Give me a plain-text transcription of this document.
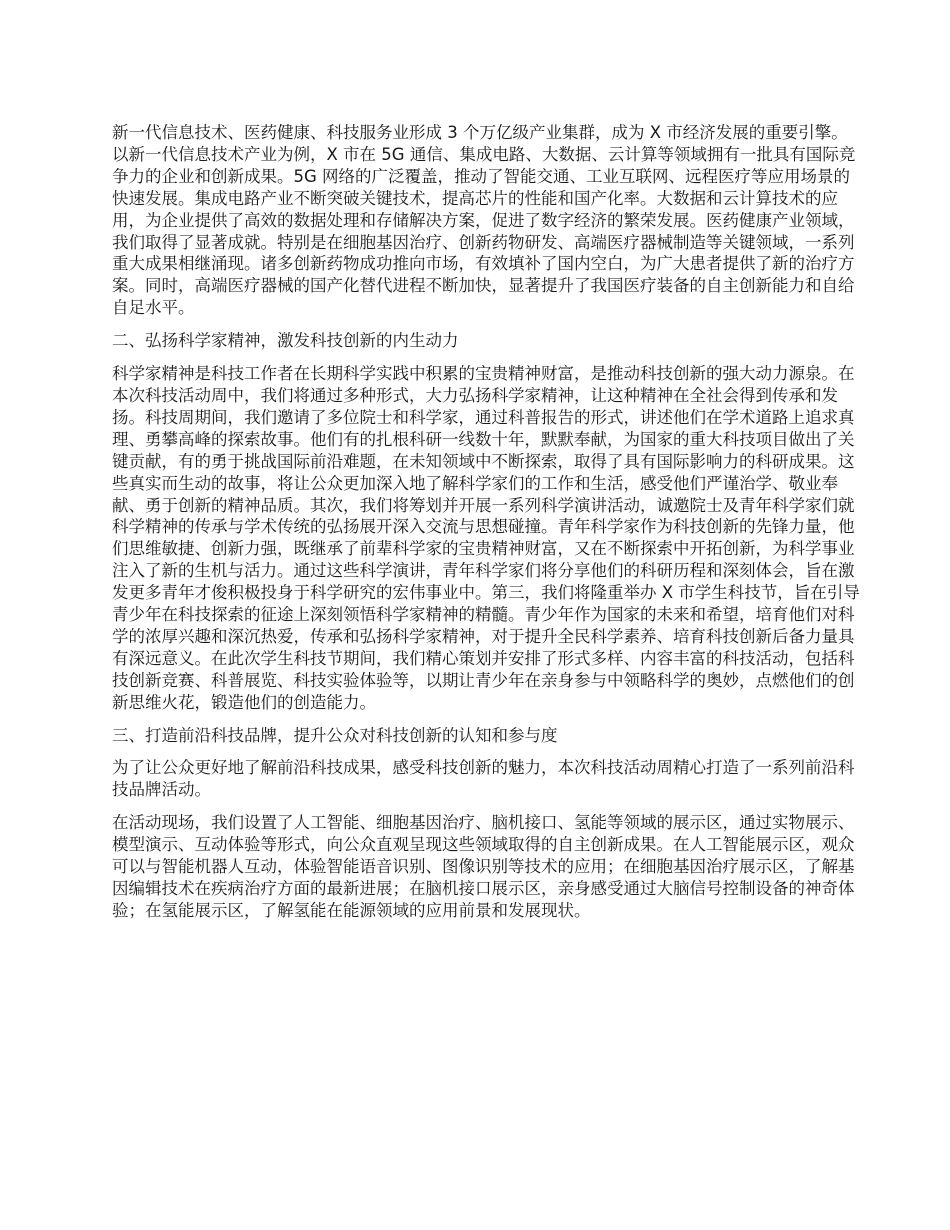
新一代信息技术、医药健康、科技服务业形成 3 个万亿级产业集群，成为 X 市经济发展的重要引擎。以新一代信息技术产业为例，X 市在 5G 通信、集成电路、大数据、云计算等领域拥有一批具有国际竞争力的企业和创新成果。5G 网络的广泛覆盖，推动了智能交通、工业互联网、远程医疗等应用场景的快速发展。集成电路产业不断突破关键技术，提高芯片的性能和国产化率。大数据和云计算技术的应用，为企业提供了高效的数据处理和存储解决方案，促进了数字经济的繁荣发展。医药健康产业领域，我们取得了显著成就。特别是在细胞基因治疗、创新药物研发、高端医疗器械制造等关键领域，一系列重大成果相继涌现。诸多创新药物成功推向市场，有效填补了国内空白，为广大患者提供了新的治疗方案。同时，高端医疗器械的国产化替代进程不断加快，显著提升了我国医疗装备的自主创新能力和自给自足水平。

二、弘扬科学家精神，激发科技创新的内生动力

科学家精神是科技工作者在长期科学实践中积累的宝贵精神财富，是推动科技创新的强大动力源泉。在本次科技活动周中，我们将通过多种形式，大力弘扬科学家精神，让这种精神在全社会得到传承和发扬。科技周期间，我们邀请了多位院士和科学家，通过科普报告的形式，讲述他们在学术道路上追求真理、勇攀高峰的探索故事。他们有的扎根科研一线数十年，默默奉献，为国家的重大科技项目做出了关键贡献，有的勇于挑战国际前沿难题，在未知领域中不断探索，取得了具有国际影响力的科研成果。这些真实而生动的故事，将让公众更加深入地了解科学家们的工作和生活，感受他们严谨治学、敬业奉献、勇于创新的精神品质。其次，我们将筹划并开展一系列科学演讲活动，诚邀院士及青年科学家们就科学精神的传承与学术传统的弘扬展开深入交流与思想碰撞。青年科学家作为科技创新的先锋力量，他们思维敏捷、创新力强，既继承了前辈科学家的宝贵精神财富，又在不断探索中开拓创新，为科学事业注入了新的生机与活力。通过这些科学演讲，青年科学家们将分享他们的科研历程和深刻体会，旨在激发更多青年才俊积极投身于科学研究的宏伟事业中。第三，我们将隆重举办 X 市学生科技节，旨在引导青少年在科技探索的征途上深刻领悟科学家精神的精髓。青少年作为国家的未来和希望，培育他们对科学的浓厚兴趣和深沉热爱，传承和弘扬科学家精神，对于提升全民科学素养、培育科技创新后备力量具有深远意义。在此次学生科技节期间，我们精心策划并安排了形式多样、内容丰富的科技活动，包括科技创新竞赛、科普展览、科技实验体验等，以期让青少年在亲身参与中领略科学的奥妙，点燃他们的创新思维火花，锻造他们的创造能力。

三、打造前沿科技品牌，提升公众对科技创新的认知和参与度

为了让公众更好地了解前沿科技成果，感受科技创新的魅力，本次科技活动周精心打造了一系列前沿科技品牌活动。

在活动现场，我们设置了人工智能、细胞基因治疗、脑机接口、氢能等领域的展示区，通过实物展示、模型演示、互动体验等形式，向公众直观呈现这些领域取得的自主创新成果。在人工智能展示区，观众可以与智能机器人互动，体验智能语音识别、图像识别等技术的应用；在细胞基因治疗展示区，了解基因编辑技术在疾病治疗方面的最新进展；在脑机接口展示区，亲身感受通过大脑信号控制设备的神奇体验；在氢能展示区，了解氢能在能源领域的应用前景和发展现状。
